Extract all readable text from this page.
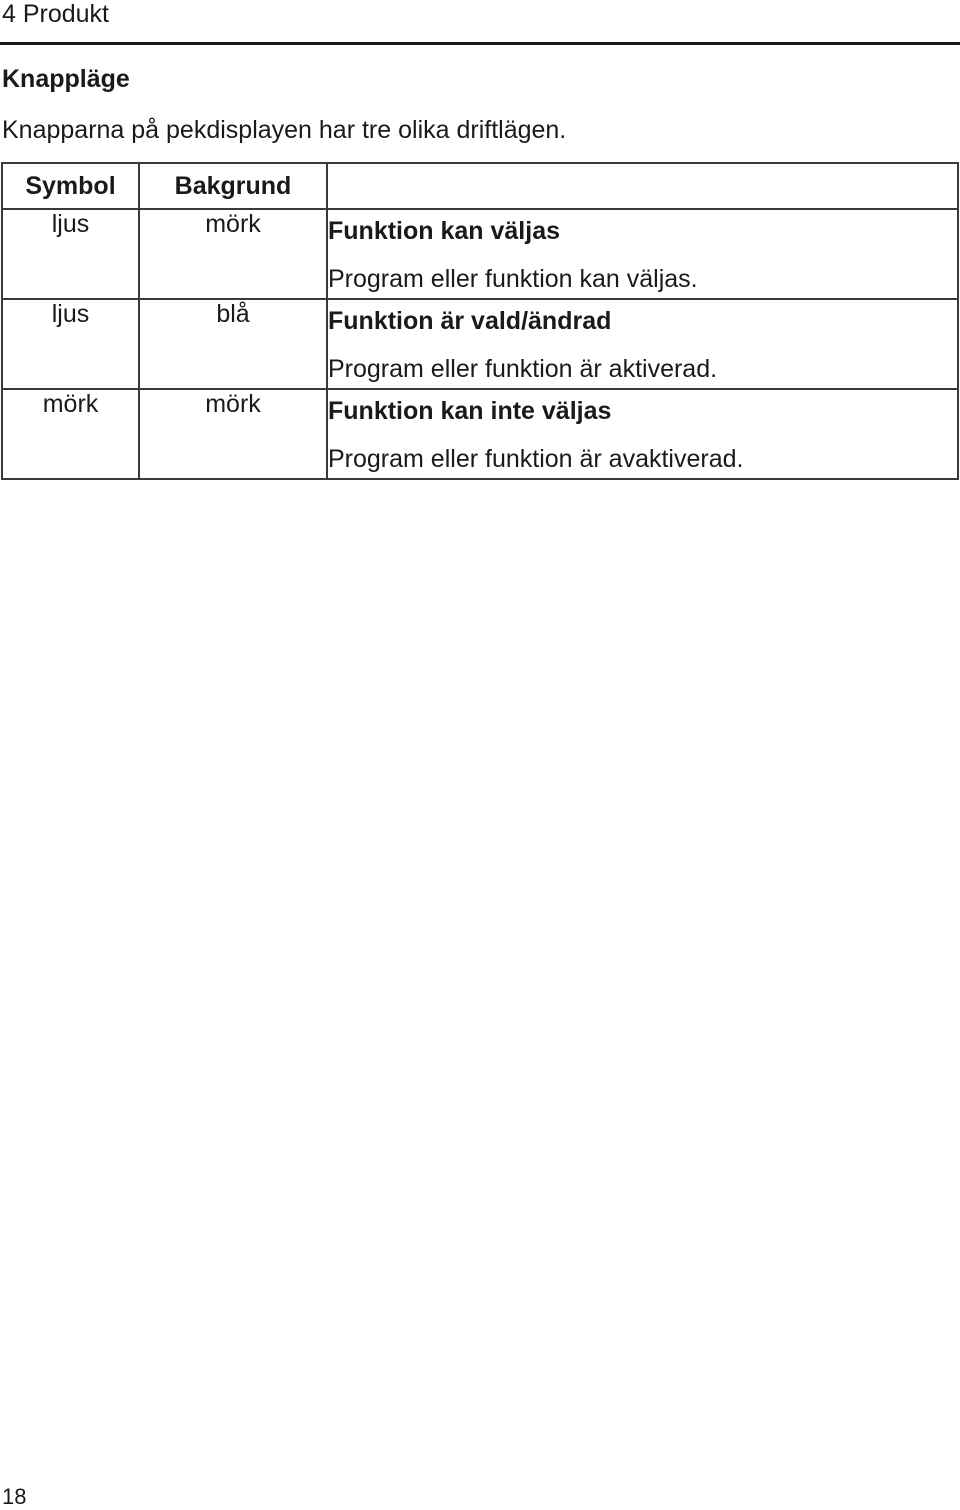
4 Produkt
Knappläge
Knapparna på pekdisplayen har tre olika driftlägen.
Symbol	Bakgrund	
ljus	mörk	Funktion kan väljas
Program eller funktion kan väljas.

ljus	blå	Funktion är vald/ändrad
Program eller funktion är aktiverad.

mörk	mörk	Funktion kan inte väljas
Program eller funktion är avaktiverad.
18
